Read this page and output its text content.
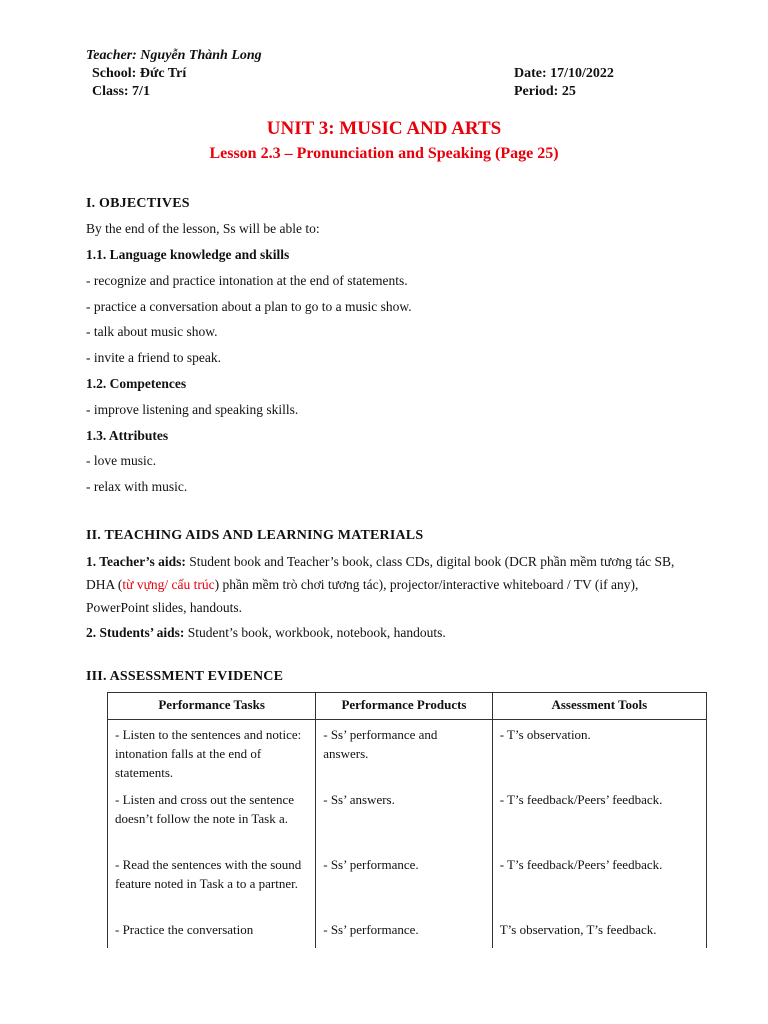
Teacher: Nguyễn Thành Long
School: Đức Trí
Class: 7/1
Date: 17/10/2022
Period: 25
UNIT 3: MUSIC AND ARTS
Lesson 2.3 – Pronunciation and Speaking (Page 25)
I. OBJECTIVES
By the end of the lesson, Ss will be able to:
1.1. Language knowledge and skills
- recognize and practice intonation at the end of statements.
- practice a conversation about a plan to go to a music show.
- talk about music show.
- invite a friend to speak.
1.2. Competences
- improve listening and speaking skills.
1.3. Attributes
- love music.
- relax with music.
II. TEACHING AIDS AND LEARNING MATERIALS
1. Teacher’s aids: Student book and Teacher’s book, class CDs, digital book (DCR phần mềm tương tác SB, DHA (từ vựng/ cấu trúc) phần mềm trò chơi tương tác), projector/interactive whiteboard / TV (if any), PowerPoint slides, handouts.
2. Students’ aids: Student’s book, workbook, notebook, handouts.
III. ASSESSMENT EVIDENCE
Performance Tasks	Performance Products	Assessment Tools
- Listen to the sentences and notice: intonation falls at the end of statements.	- Ss’ performance and answers.	- T’s observation.
- Listen and cross out the sentence doesn’t follow the note in Task a.	- Ss’ answers.	- T’s feedback/Peers’ feedback.
- Read the sentences with the sound feature noted in Task a to a partner.	- Ss’ performance.	- T’s feedback/Peers’ feedback.
- Practice the conversation	- Ss’ performance.	T’s observation, T’s feedback.
